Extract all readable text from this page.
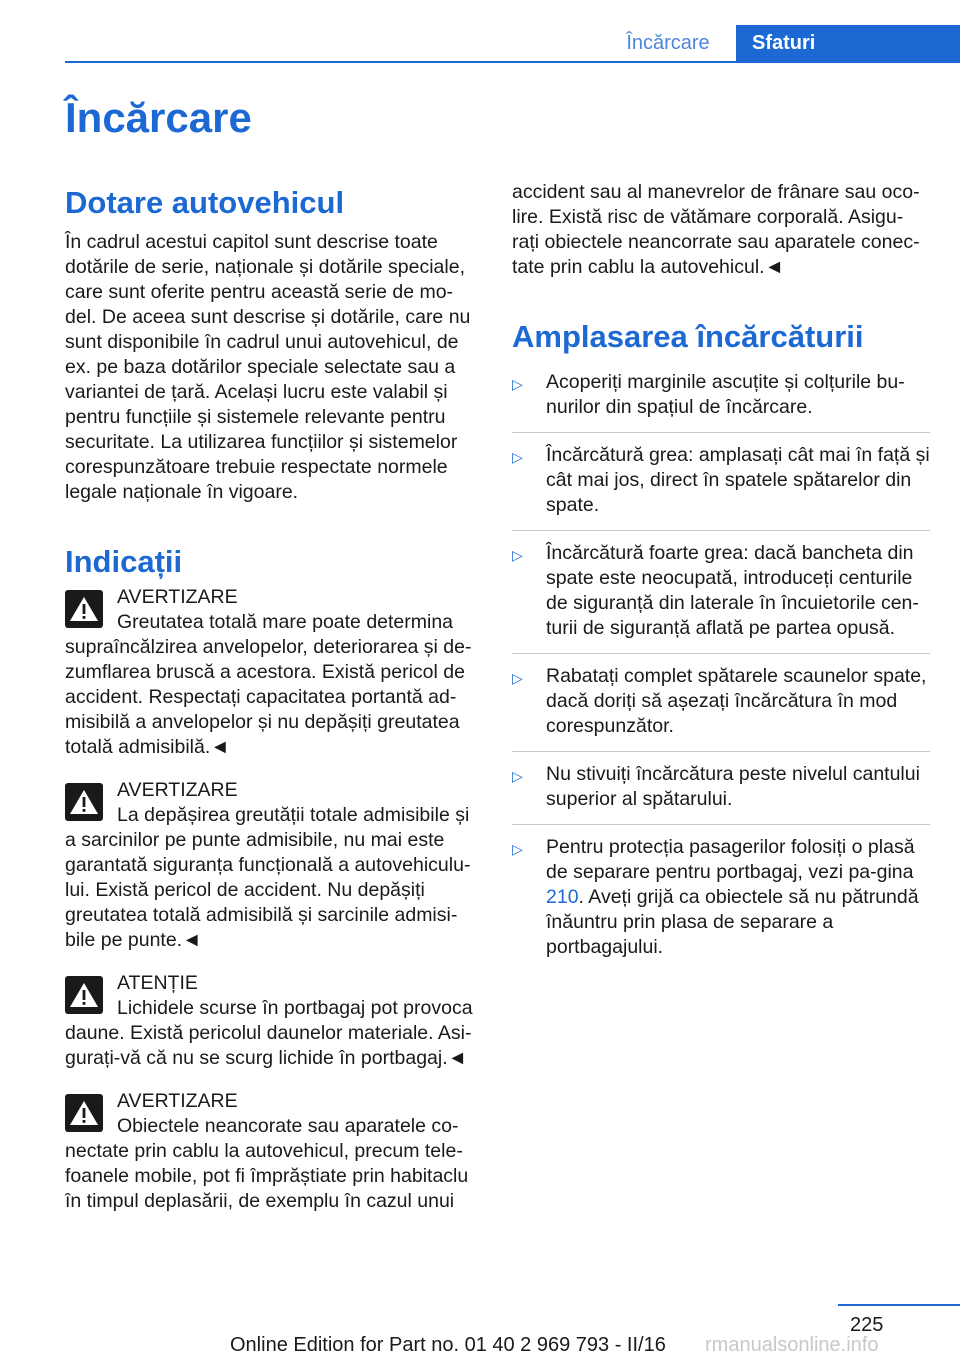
Încărcare	Sfaturi
Încărcare
Dotare autovehicul

În cadrul acestui capitol sunt descrise toate dotările de serie, naționale și dotările speciale, care sunt oferite pentru această serie de mo-del. De aceea sunt descrise și dotările, care nu sunt disponibile în cadrul unui autovehicul, de ex. pe baza dotărilor speciale selectate sau a variantei de țară. Același lucru este valabil și pentru funcțiile și sistemele relevante pentru securitate. La utilizarea funcțiilor și sistemelor corespunzătoare trebuie respectate normele legale naționale în vigoare.

Indicații
AVERTIZARE
Greutatea totală mare poate determina

supraîncălzirea anvelopelor, deteriorarea și de-zumflarea bruscă a acestora. Există pericol de accident. Respectați capacitatea portantă ad-misibilă a anvelopelor și nu depășiți greutatea totală admisibilă.◄

AVERTIZARE
La depășirea greutății totale admisibile și

a sarcinilor pe punte admisibile, nu mai este garantată siguranța funcțională a autovehiculu-lui. Există pericol de accident. Nu depășiți greutatea totală admisibilă și sarcinile admisi-bile pe punte.◄

ATENȚIE
Lichidele scurse în portbagaj pot provoca

daune. Există pericolul daunelor materiale. Asi-gurați-vă că nu se scurg lichide în portbagaj.◄

AVERTIZARE
Obiectele neancorate sau aparatele co-

nectate prin cablu la autovehicul, precum tele-foanele mobile, pot fi împrăștiate prin habitaclu în timpul deplasării, de exemplu în cazul unui

accident sau al manevrelor de frânare sau oco-lire. Există risc de vătămare corporală. Asigu-rați obiectele neancorrate sau aparatele conec-tate prin cablu la autovehicul.◄

Amplasarea încărcăturii
▷ Acoperiți marginile ascuțite și colțurile bu-nurilor din spațiul de încărcare.
▷ Încărcătură grea: amplasați cât mai în față și cât mai jos, direct în spatele spătarelor din spate.
▷ Încărcătură foarte grea: dacă bancheta din spate este neocupată, introduceți centurile de siguranță din laterale în încuietorile cen-turii de siguranță aflată pe partea opusă.
▷ Rabatați complet spătarele scaunelor spate, dacă doriți să așezați încărcătura în mod corespunzător.
▷ Nu stivuiți încărcătura peste nivelul cantului superior al spătarului.
▷ Pentru protecția pasagerilor folosiți o plasă de separare pentru portbagaj, vezi pa-gina 210. Aveți grijă ca obiectele să nu pătrundă înăuntru prin plasa de separare a portbagajului.
225
Online Edition for Part no. 01 40 2 969 793 - II/16 rmanualsonline.info
